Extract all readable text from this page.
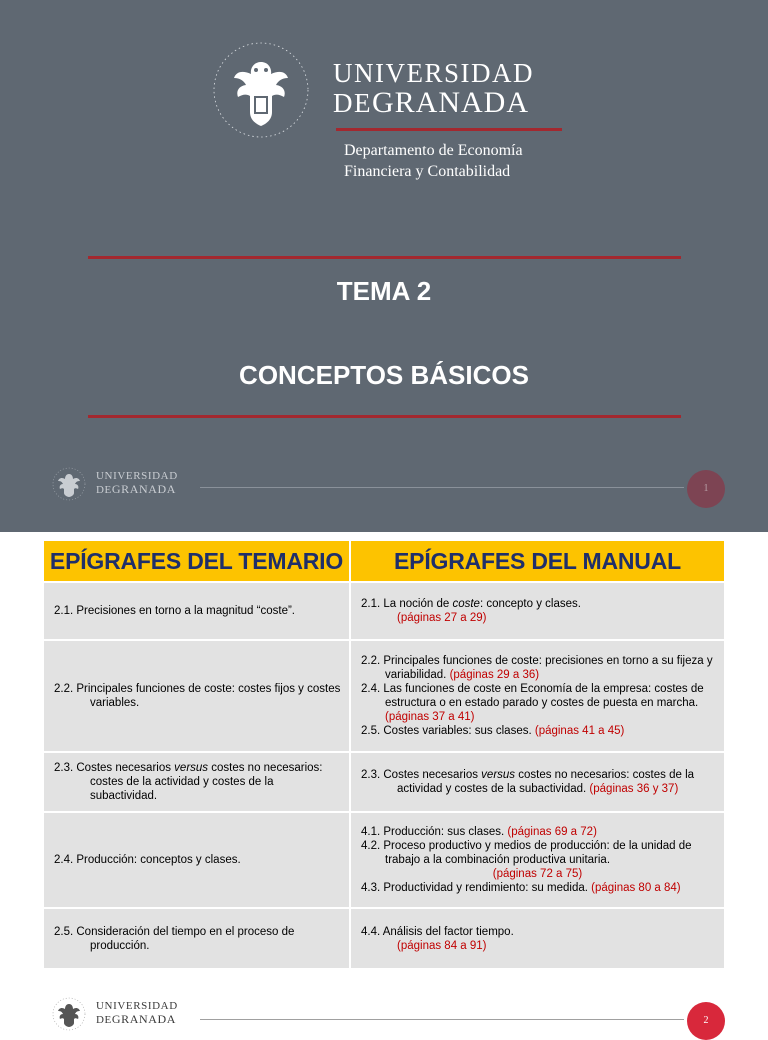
UNIVERSIDAD
DEGRANADA
Departamento de Economía
Financiera y Contabilidad
TEMA 2
CONCEPTOS BÁSICOS
UNIVERSIDAD
DEGRANADA	1
EPÍGRAFES DEL TEMARIO	EPÍGRAFES DEL MANUAL

2.1. Precisiones en torno a la magnitud “coste”.	2.1. La noción de coste: concepto y clases.

(páginas 27 a 29)

2.2. Principales funciones de coste: costes fijos y costes variables.	2.2. Principales funciones de coste: precisiones en torno a su fijeza y variabilidad. (páginas 29 a 36)

2.4. Las funciones de coste en Economía de la empresa: costes de estructura o en estado parado y costes de puesta en marcha. (páginas 37 a 41)

2.5. Costes variables: sus clases. (páginas 41 a 45)

2.3. Costes necesarios versus costes no necesarios: costes de la actividad y costes de la subactividad.	2.3. Costes necesarios versus costes no necesarios: costes de la actividad y costes de la subactividad. (páginas 36 y 37)

2.4. Producción: conceptos y clases.	4.1. Producción: sus clases. (páginas 69 a 72)

4.2. Proceso productivo y medios de producción: de la unidad de trabajo a la combinación productiva unitaria.

(páginas 72 a 75)

4.3. Productividad y rendimiento: su medida. (páginas 80 a 84)

2.5. Consideración del tiempo en el proceso de producción.	4.4. Análisis del factor tiempo.

(páginas 84 a 91)

UNIVERSIDAD
DEGRANADA	2
